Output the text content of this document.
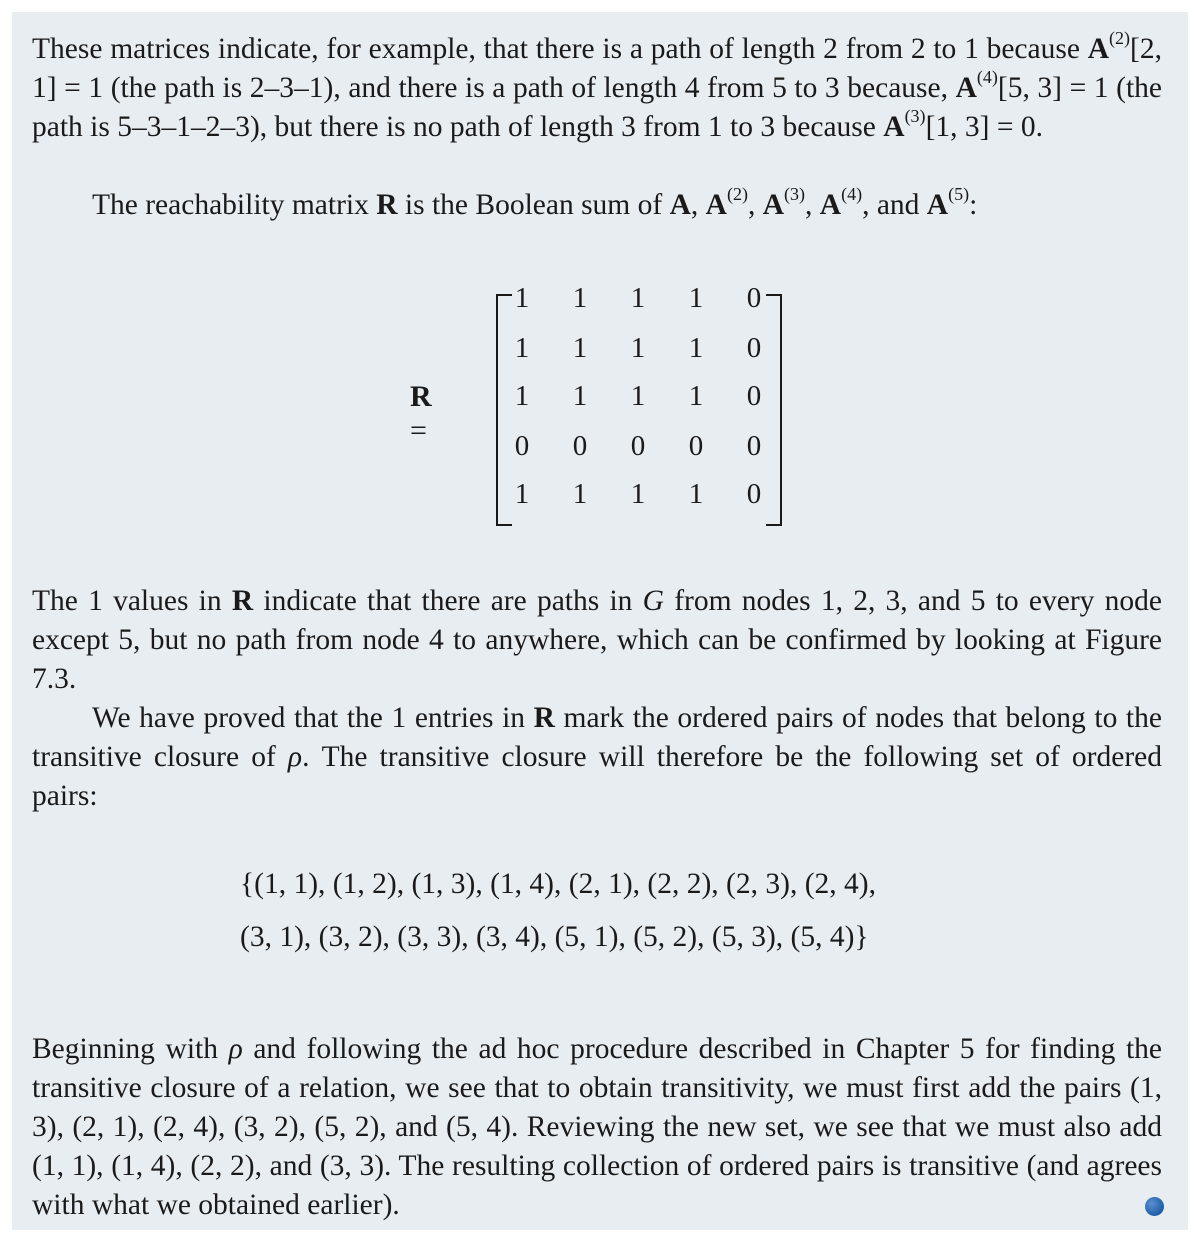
These matrices indicate, for example, that there is a path of length 2 from 2 to 1 because $A^{(2)}[2$, 1] = 1 (the path is 2–3–1), and there is a path of length 4 from 5 to 3 because, $A^{(4)}[5$, 3] = 1 (the path is 5–3–1–2–3), but there is no path of length 3 from 1 to 3 because $A^{(3)}[1$, 3] = 0.

The reachability matrix R is the Boolean sum of A, $A^{(2)}$, $A^{(3)}$, $A^{(4)}$, and $A^{(5)}$:

R =
1	1	1	1	0
1	1	1	1	0
1	1	1	1	0
0	0	0	0	0
1	1	1	1	0

The 1 values in R indicate that there are paths in G from nodes 1, 2, 3, and 5 to every node except 5, but no path from node 4 to anywhere, which can be confirmed by looking at Figure 7.3.

We have proved that the 1 entries in R mark the ordered pairs of nodes that belong to the transitive closure of ρ. The transitive closure will therefore be the following set of ordered pairs:

{(1, 1), (1, 2), (1, 3), (1, 4), (2, 1), (2, 2), (2, 3), (2, 4),
(3, 1), (3, 2), (3, 3), (3, 4), (5, 1), (5, 2), (5, 3), (5, 4)}

Beginning with ρ and following the ad hoc procedure described in Chapter 5 for finding the transitive closure of a relation, we see that to obtain transitivity, we must first add the pairs (1, 3), (2, 1), (2, 4), (3, 2), (5, 2), and (5, 4). Reviewing the new set, we see that we must also add (1, 1), (1, 4), (2, 2), and (3, 3). The resulting collection of ordered pairs is transitive (and agrees with what we obtained earlier).
